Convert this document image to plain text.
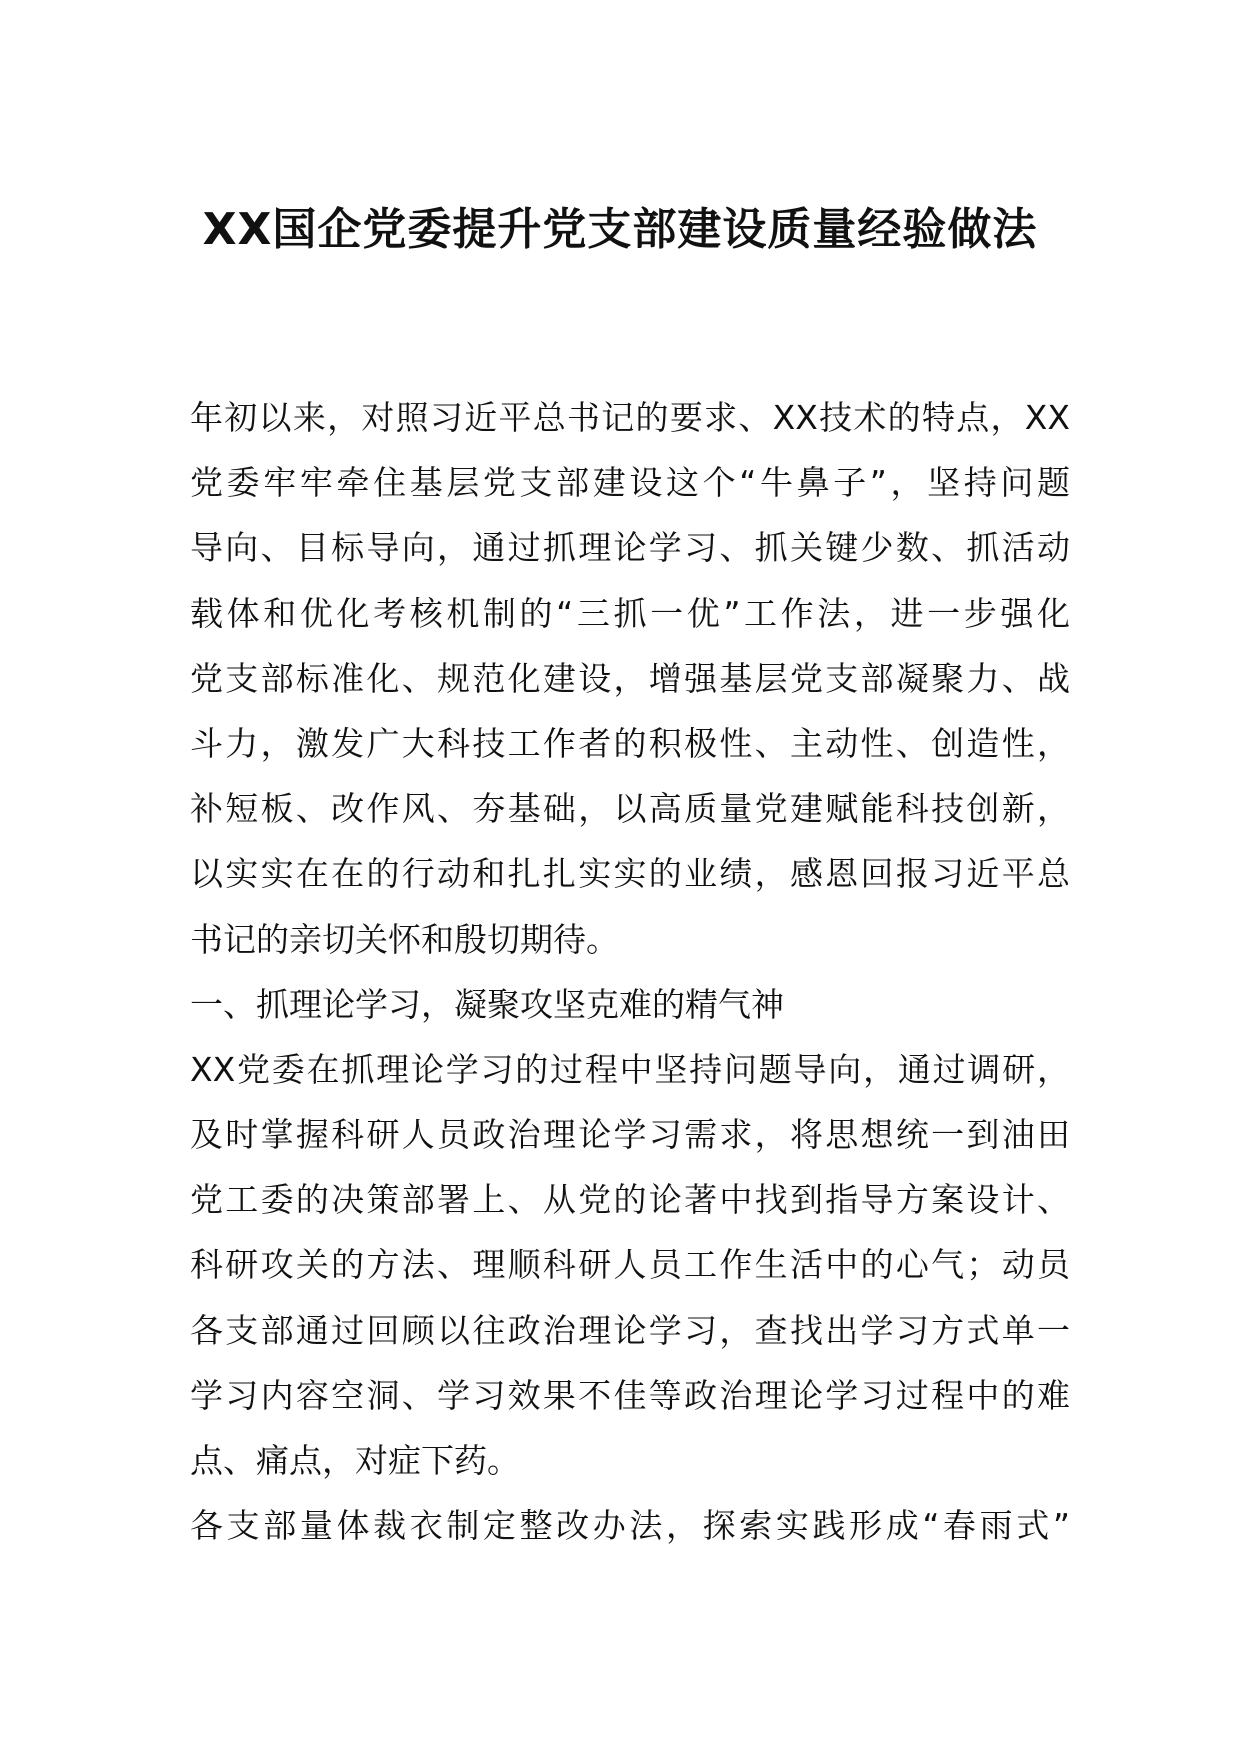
XX国企党委提升党支部建设质量经验做法
年初以来，对照习近平总书记的要求、XX技术的特点，XX
党委牢牢牵住基层党支部建设这个“牛鼻子”，坚持问题
导向、目标导向，通过抓理论学习、抓关键少数、抓活动
载体和优化考核机制的“三抓一优”工作法，进一步强化
党支部标准化、规范化建设，增强基层党支部凝聚力、战
斗力，激发广大科技工作者的积极性、主动性、创造性，
补短板、改作风、夯基础，以高质量党建赋能科技创新，
以实实在在的行动和扎扎实实的业绩，感恩回报习近平总
书记的亲切关怀和殷切期待。
一、抓理论学习，凝聚攻坚克难的精气神
XX党委在抓理论学习的过程中坚持问题导向，通过调研，
及时掌握科研人员政治理论学习需求，将思想统一到油田
党工委的决策部署上、从党的论著中找到指导方案设计、
科研攻关的方法、理顺科研人员工作生活中的心气；动员
各支部通过回顾以往政治理论学习，查找出学习方式单一
学习内容空洞、学习效果不佳等政治理论学习过程中的难
点、痛点，对症下药。
各支部量体裁衣制定整改办法，探索实践形成“春雨式”
